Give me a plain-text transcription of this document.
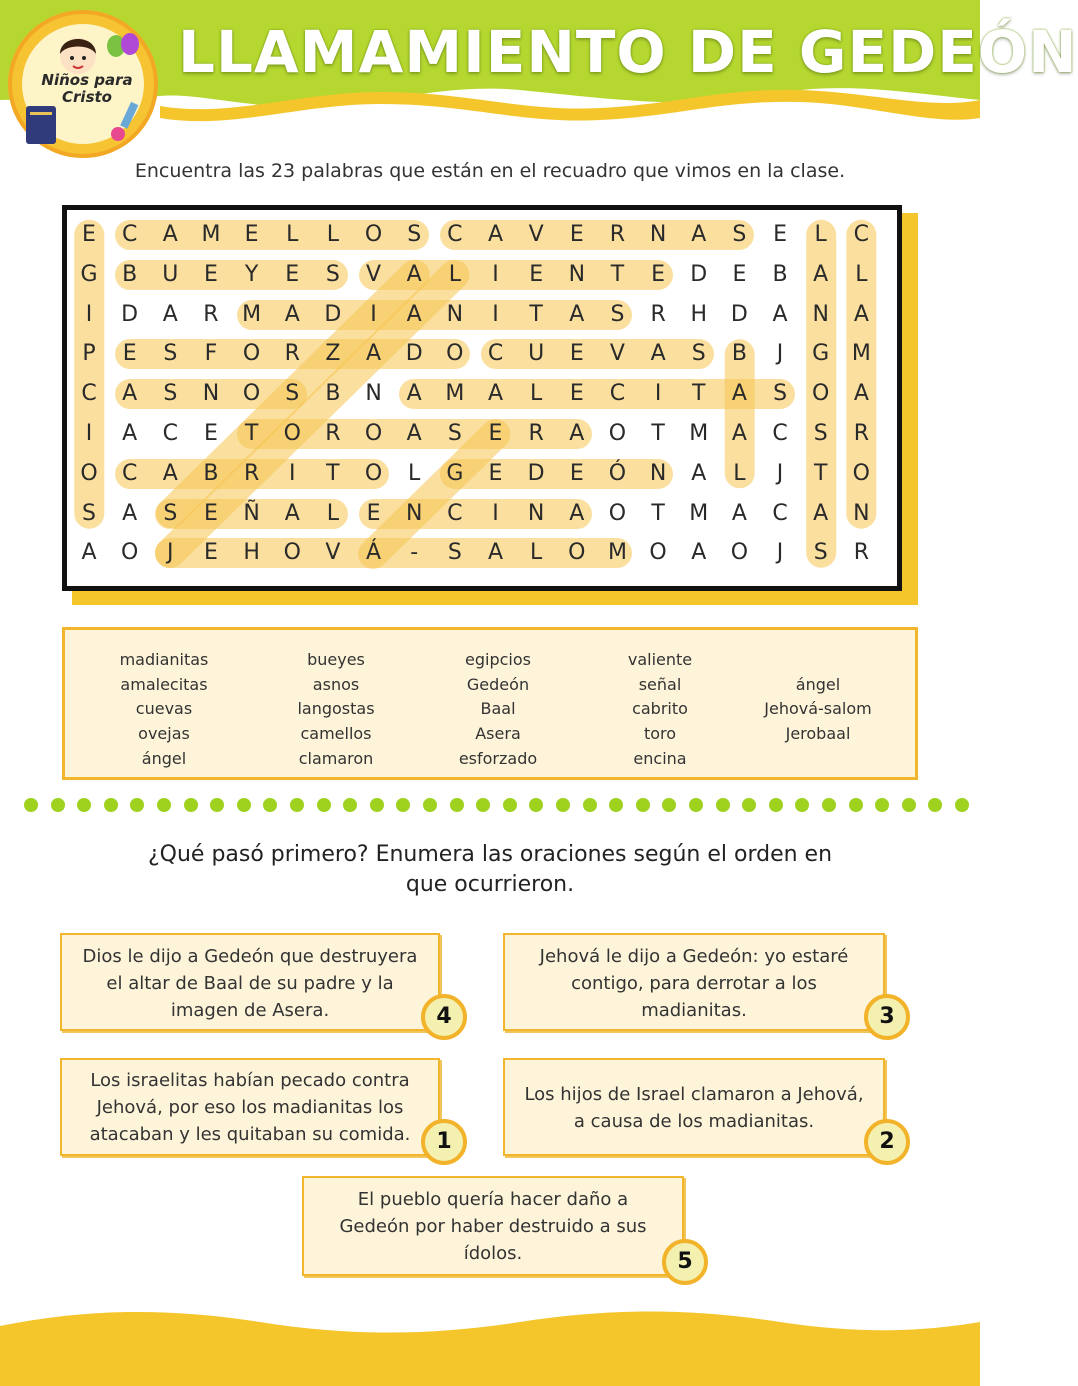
Niños para
Cristo
LLAMAMIENTO DE GEDEÓN
Encuentra las 23 palabras que están en el recuadro que vimos en la clase.
E	C	A	M	E	L	L	O	S	C	A	V	E	R	N	A	S	E	L	C
G	B	U	E	Y	E	S	V	A	L	I	E	N	T	E	D	E	B	A	L
I	D	A	R	M	A	D	I	A	N	I	T	A	S	R	H	D	A	N	A
P	E	S	F	O	R	Z	A	D	O	C	U	E	V	A	S	B	J	G	M
C	A	S	N	O	S	B	N	A	M	A	L	E	C	I	T	A	S	O	A
I	A	C	E	T	O	R	O	A	S	E	R	A	O	T	M	A	C	S	R
O	C	A	B	R	I	T	O	L	G	E	D	E	Ó	N	A	L	J	T	O
S	A	S	E	Ñ	A	L	E	N	C	I	N	A	O	T	M	A	C	A	N
A	O	J	E	H	O	V	Á	-	S	A	L	O	M	O	A	O	J	S	R
madianitas
amalecitas
cuevas
ovejas
ángel
bueyes
asnos
langostas
camellos
clamaron
egipcios
Gedeón
Baal
Asera
esforzado
valiente
señal
cabrito
toro
encina
ángel
Jehová-salom
Jerobaal
¿Qué pasó primero? Enumera las oraciones según el orden en
que ocurrieron.
Dios le dijo a Gedeón que destruyera
el altar de Baal de su padre y la
imagen de Asera.	4
Jehová le dijo a Gedeón: yo estaré
contigo, para derrotar a los
madianitas.	3
Los israelitas habían pecado contra
Jehová, por eso los madianitas los
atacaban y les quitaban su comida.	1
Los hijos de Israel clamaron a Jehová,
a causa de los madianitas.
2
El pueblo quería hacer daño a
Gedeón por haber destruido a sus
ídolos.	5
